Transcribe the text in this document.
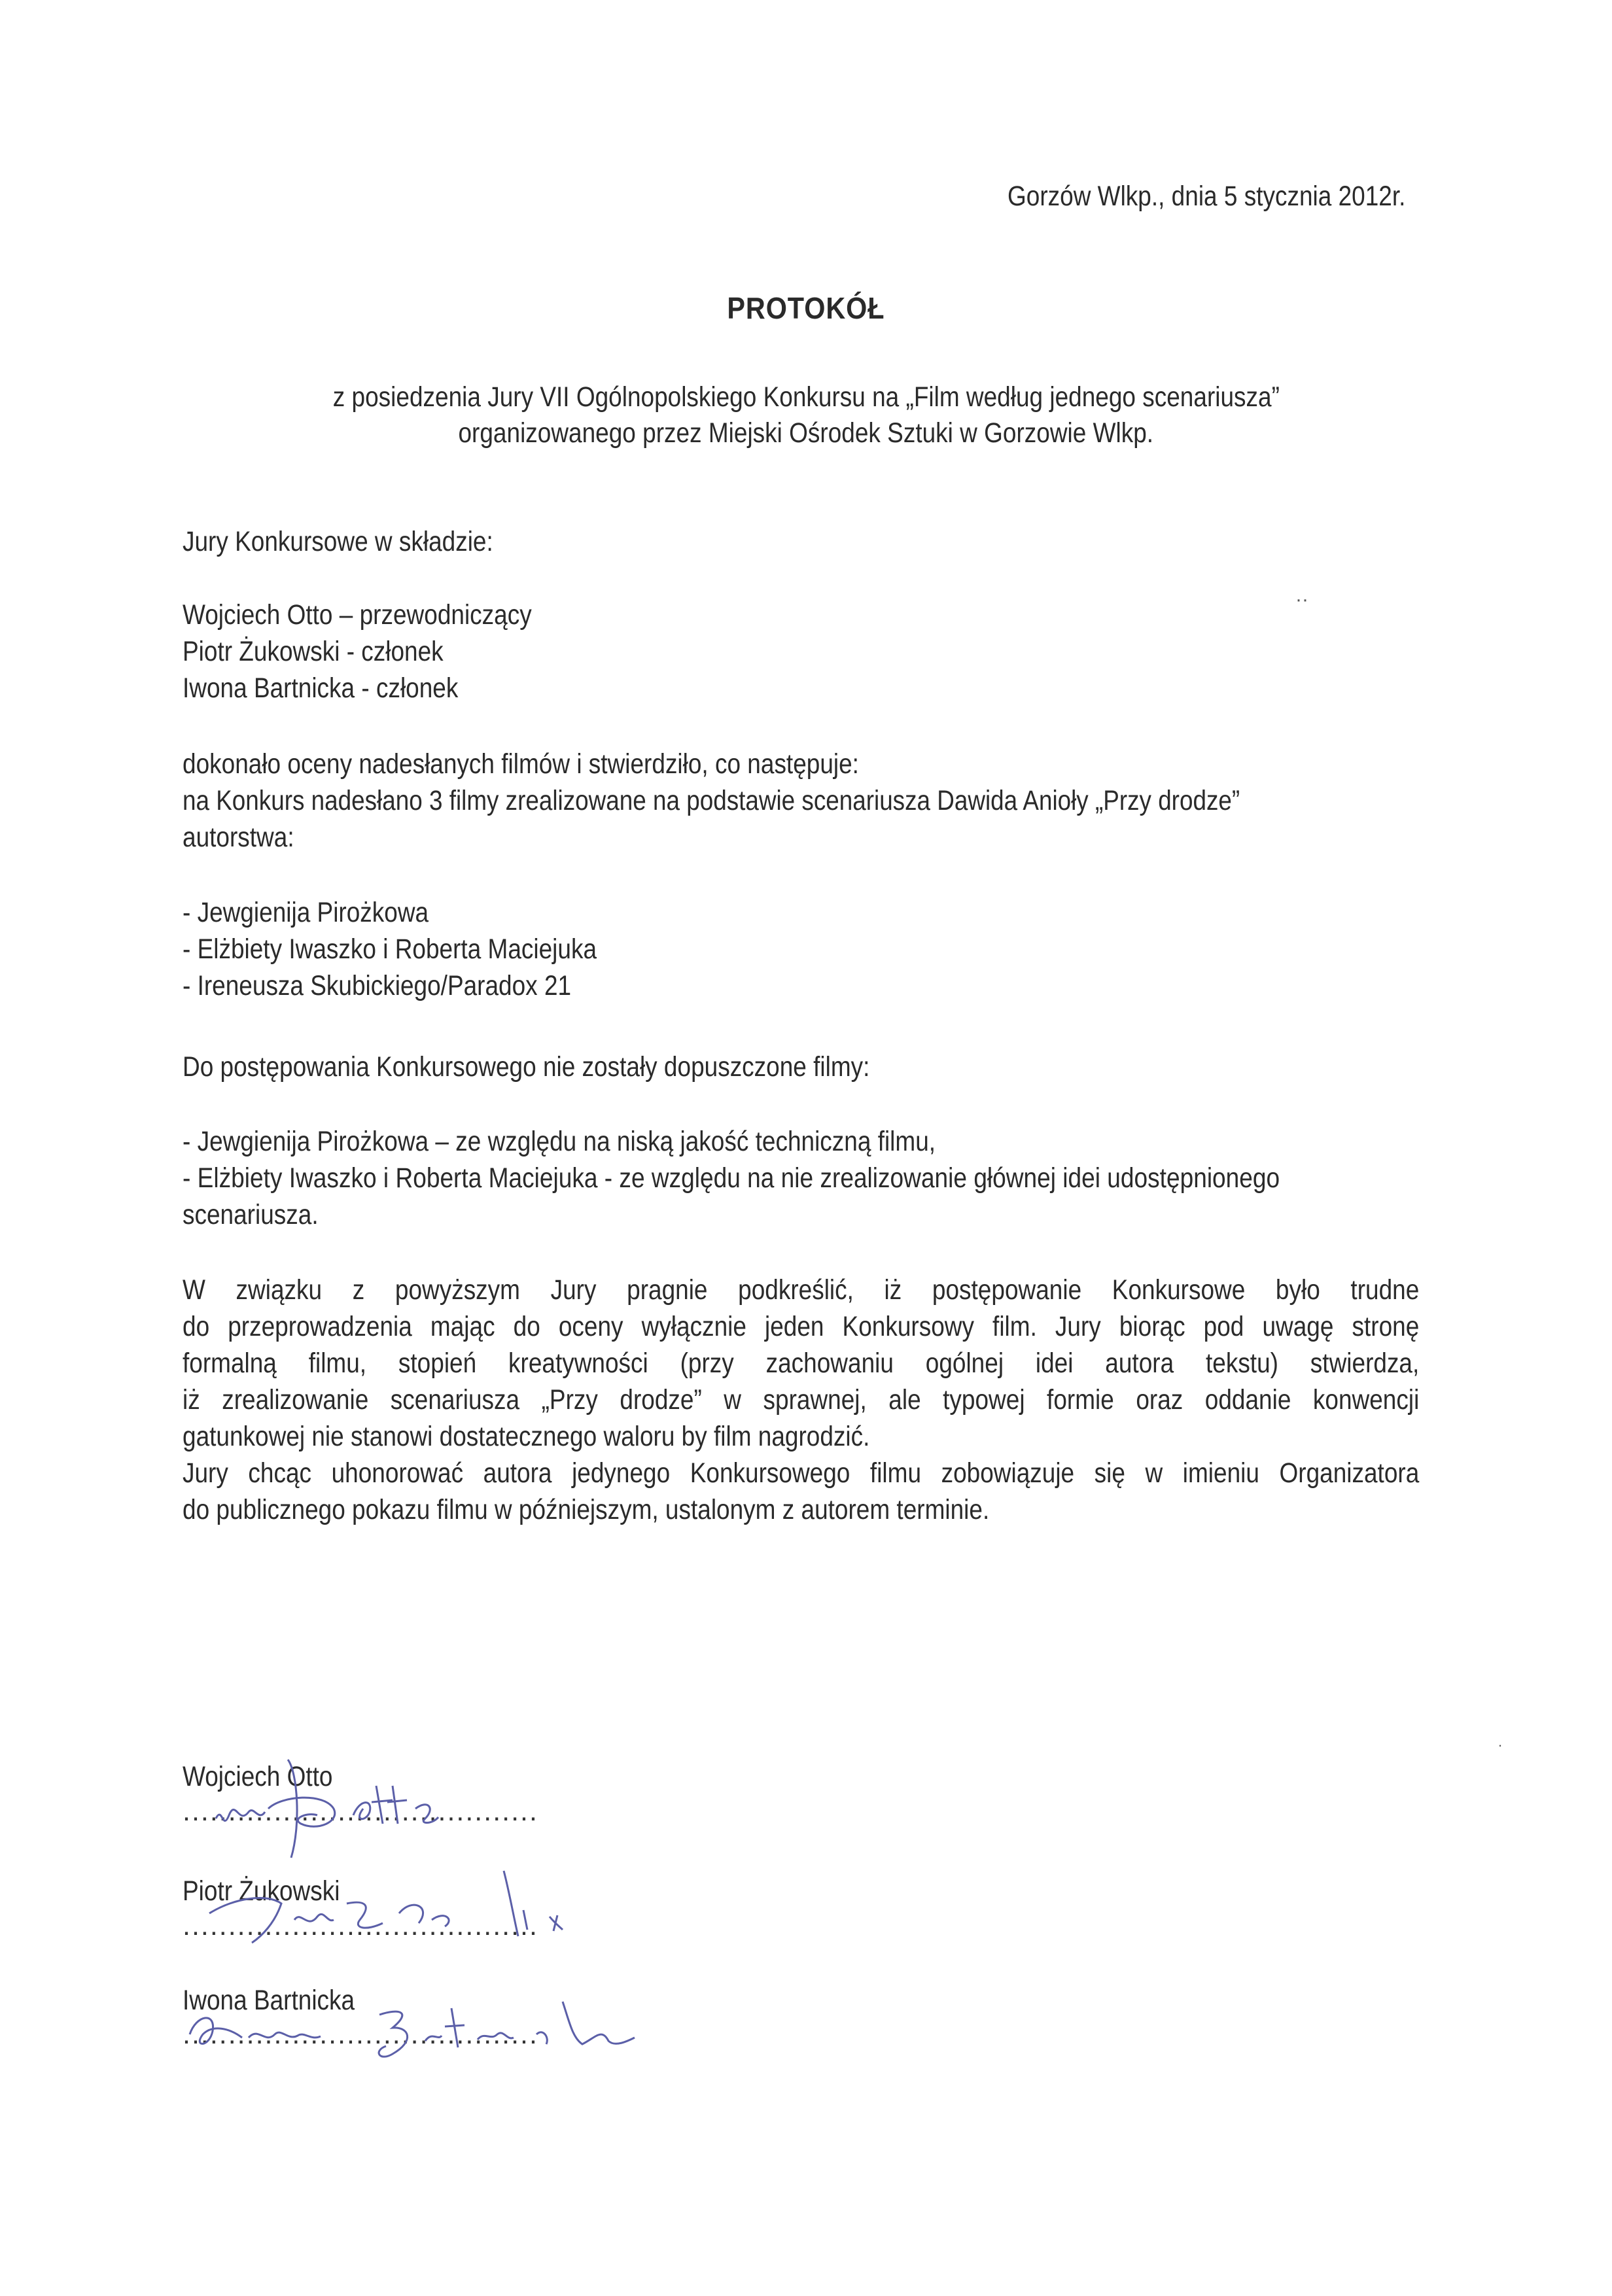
Gorzów Wlkp., dnia 5 stycznia 2012r.
PROTOKÓŁ
z posiedzenia Jury VII Ogólnopolskiego Konkursu na „Film według jednego scenariusza”
organizowanego przez Miejski Ośrodek Sztuki w Gorzowie Wlkp.
Jury Konkursowe w składzie:
Wojciech Otto – przewodniczący
Piotr Żukowski - członek
Iwona Bartnicka - członek
dokonało oceny nadesłanych filmów i stwierdziło, co następuje:
na Konkurs nadesłano 3 filmy zrealizowane na podstawie scenariusza Dawida Anioły „Przy drodze”
autorstwa:
- Jewgienija Pirożkowa
- Elżbiety Iwaszko i Roberta Maciejuka
- Ireneusza Skubickiego/Paradox 21
Do postępowania Konkursowego nie zostały dopuszczone filmy:
- Jewgienija Pirożkowa – ze względu na niską jakość techniczną filmu,
- Elżbiety Iwaszko i Roberta Maciejuka - ze względu na nie zrealizowanie głównej idei udostępnionego
scenariusza.
W związku z powyższym Jury pragnie podkreślić, iż postępowanie Konkursowe było trudne
do przeprowadzenia mając do oceny wyłącznie jeden Konkursowy film. Jury biorąc pod uwagę stronę
formalną filmu, stopień kreatywności (przy zachowaniu ogólnej idei autora tekstu) stwierdza,
iż zrealizowanie scenariusza „Przy drodze” w sprawnej, ale typowej formie oraz oddanie konwencji
gatunkowej nie stanowi dostatecznego waloru by film nagrodzić.
Jury chcąc uhonorować autora jedynego Konkursowego filmu zobowiązuje się w imieniu Organizatora
do publicznego pokazu filmu w późniejszym, ustalonym z autorem terminie.
Wojciech Otto
.......................................
Piotr Żukowski
.......................................
Iwona Bartnicka
.......................................
··
.
